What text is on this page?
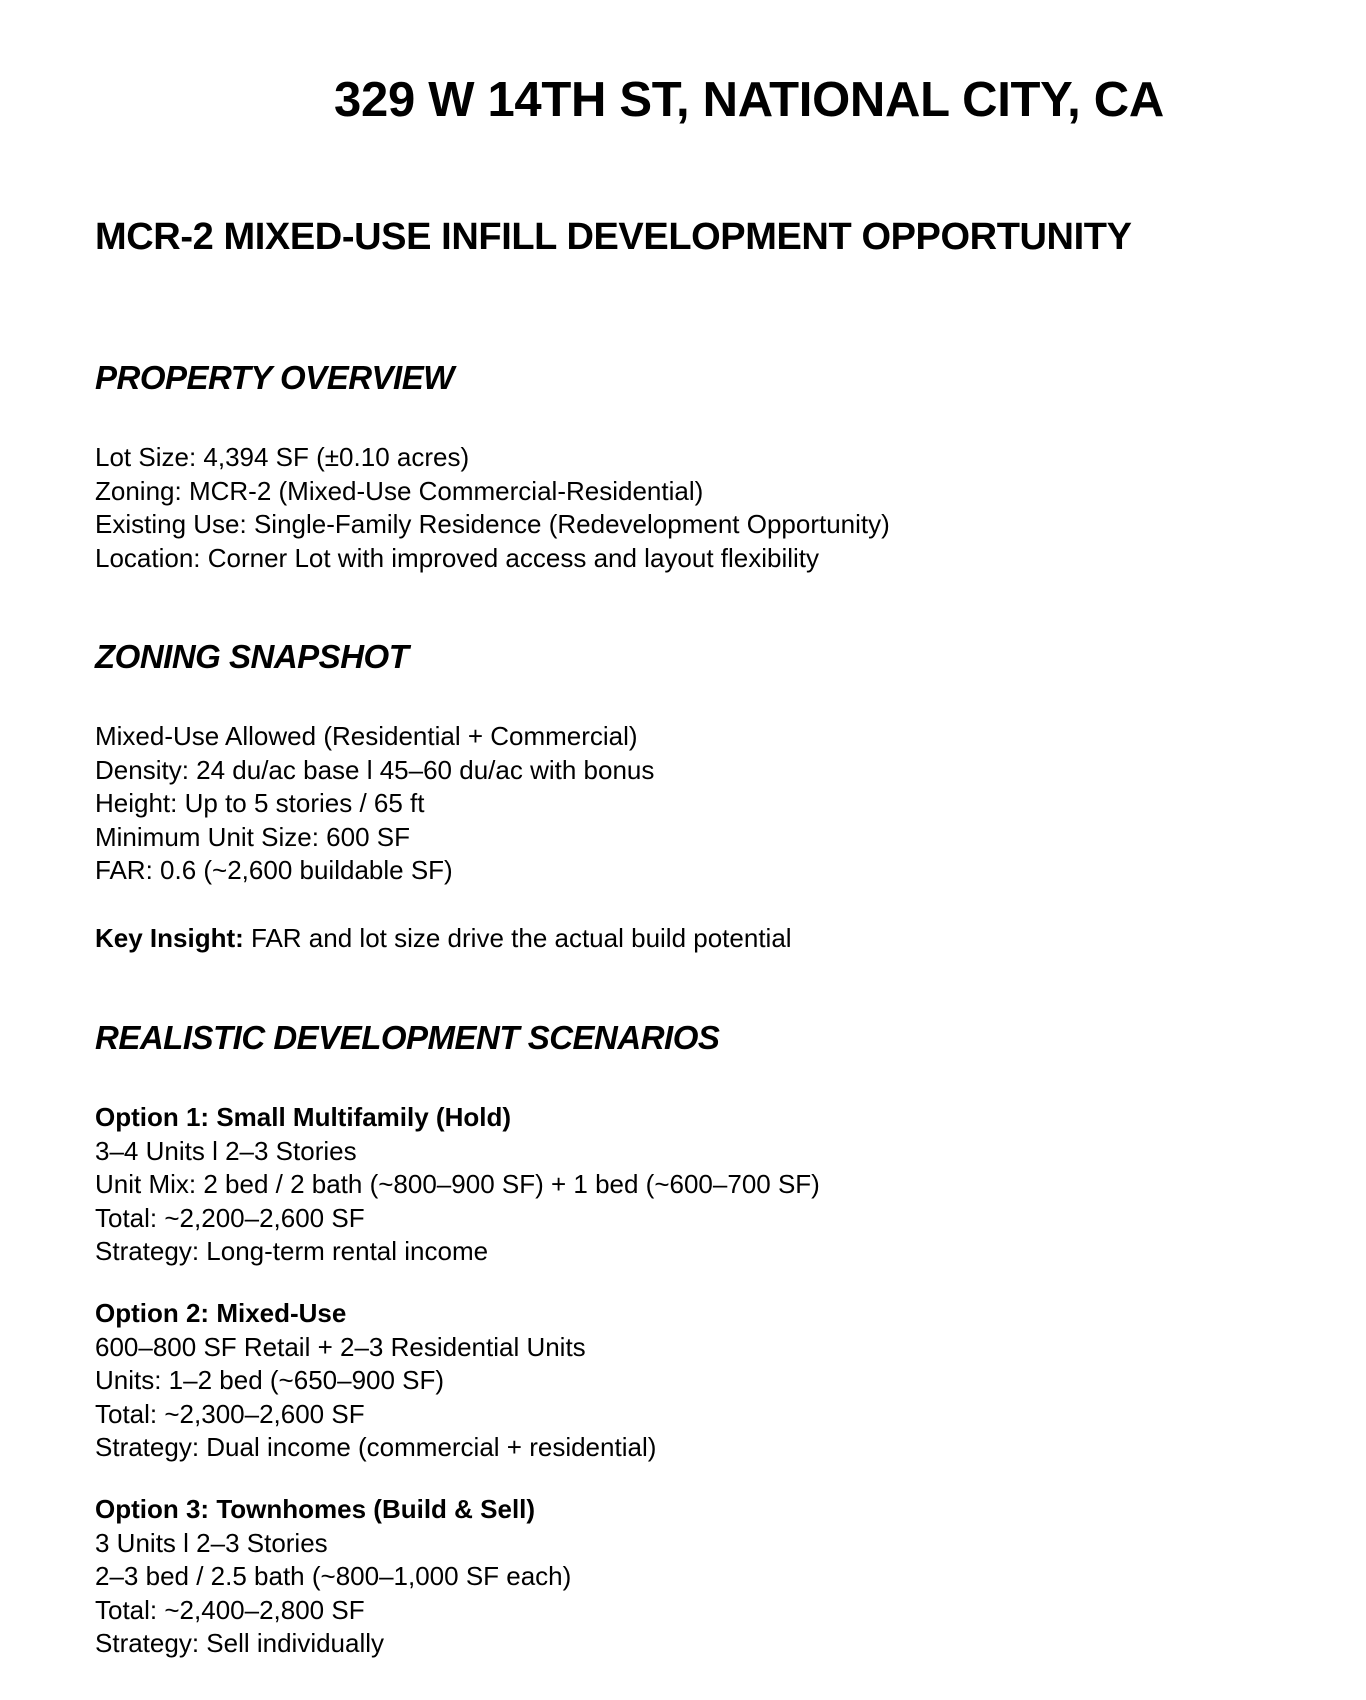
329 W 14TH ST, NATIONAL CITY, CA
MCR-2 MIXED-USE INFILL DEVELOPMENT OPPORTUNITY
PROPERTY OVERVIEW
Lot Size: 4,394 SF (±0.10 acres)
Zoning: MCR-2 (Mixed-Use Commercial-Residential)
Existing Use: Single-Family Residence (Redevelopment Opportunity)
Location: Corner Lot with improved access and layout flexibility
ZONING SNAPSHOT
Mixed-Use Allowed (Residential + Commercial)
Density: 24 du/ac base l 45–60 du/ac with bonus
Height: Up to 5 stories / 65 ft
Minimum Unit Size: 600 SF
FAR: 0.6 (~2,600 buildable SF)
Key Insight: FAR and lot size drive the actual build potential
REALISTIC DEVELOPMENT SCENARIOS
Option 1: Small Multifamily (Hold)
3–4 Units l 2–3 Stories
Unit Mix: 2 bed / 2 bath (~800–900 SF) + 1 bed (~600–700 SF)
Total: ~2,200–2,600 SF
Strategy: Long-term rental income
Option 2: Mixed-Use
600–800 SF Retail + 2–3 Residential Units
Units: 1–2 bed (~650–900 SF)
Total: ~2,300–2,600 SF
Strategy: Dual income (commercial + residential)
Option 3: Townhomes (Build & Sell)
3 Units l 2–3 Stories
2–3 bed / 2.5 bath (~800–1,000 SF each)
Total: ~2,400–2,800 SF
Strategy: Sell individually
